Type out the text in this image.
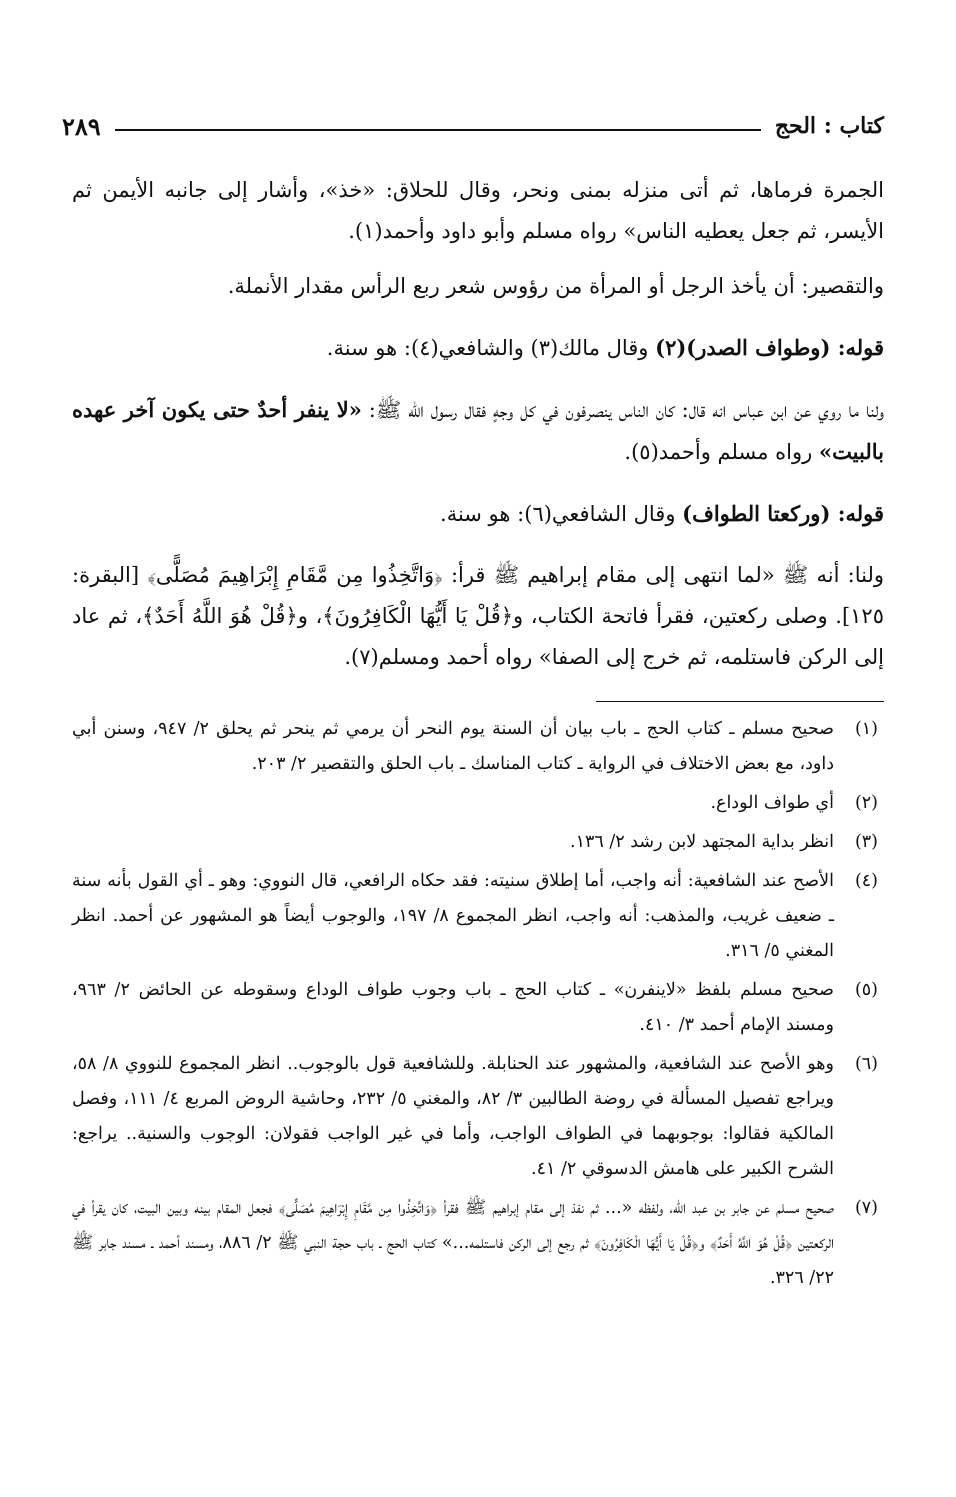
كتاب : الحج
٢٨٩

الجمرة فرماها، ثم أتى منزله بمنى ونحر، وقال للحلاق: «خذ»، وأشار إلى جانبه الأيمن ثم الأيسر، ثم جعل يعطيه الناس» رواه مسلم وأبو داود وأحمد(١).

والتقصير: أن يأخذ الرجل أو المرأة من رؤوس شعر ربع الرأس مقدار الأنملة.

قوله: (وطواف الصدر)(٢) وقال مالك(٣) والشافعي(٤): هو سنة.

ولنا ما روي عن ابن عباس انه قال: كان الناس ينصرفون في كل وجهٍ فقال رسول الله ﷺ: «لا ينفر أحدٌ حتى يكون آخر عهده بالبيت» رواه مسلم وأحمد(٥).

قوله: (وركعتا الطواف) وقال الشافعي(٦): هو سنة.

ولنا: أنه ﷺ «لما انتهى إلى مقام إبراهيم ﷺ قرأ: ﴿وَاتَّخِذُوا مِن مَّقَامِ إِبْرَاهِيمَ مُصَلًّى﴾ [البقرة: ١٢٥]. وصلى ركعتين، فقرأ فاتحة الكتاب، و﴿قُلْ يَا أَيُّهَا الْكَافِرُونَ﴾، و﴿قُلْ هُوَ اللَّهُ أَحَدٌ﴾، ثم عاد إلى الركن فاستلمه، ثم خرج إلى الصفا» رواه أحمد ومسلم(٧).

(١)
صحيح مسلم ـ كتاب الحج ـ باب بيان أن السنة يوم النحر أن يرمي ثم ينحر ثم يحلق ٢/ ٩٤٧، وسنن أبي داود، مع بعض الاختلاف في الرواية ـ كتاب المناسك ـ باب الحلق والتقصير ٢/ ٢٠٣.
(٢)
أي طواف الوداع.
(٣)
انظر بداية المجتهد لابن رشد ٢/ ١٣٦.
(٤)
الأصح عند الشافعية: أنه واجب، أما إطلاق سنيته: فقد حكاه الرافعي، قال النووي: وهو ـ أي القول بأنه سنة ـ ضعيف غريب، والمذهب: أنه واجب، انظر المجموع ٨/ ١٩٧، والوجوب أيضاً هو المشهور عن أحمد. انظر المغني ٥/ ٣١٦.
(٥)
صحيح مسلم بلفظ «لاينفرن» ـ كتاب الحج ـ باب وجوب طواف الوداع وسقوطه عن الحائض ٢/ ٩٦٣، ومسند الإمام أحمد ٣/ ٤١٠.
(٦)
وهو الأصح عند الشافعية، والمشهور عند الحنابلة. وللشافعية قول بالوجوب.. انظر المجموع للنووي ٨/ ٥٨، ويراجع تفصيل المسألة في روضة الطالبين ٣/ ٨٢، والمغني ٥/ ٢٣٢، وحاشية الروض المربع ٤/ ١١١، وفصل المالكية فقالوا: بوجوبهما في الطواف الواجب، وأما في غير الواجب فقولان: الوجوب والسنية.. يراجع: الشرح الكبير على هامش الدسوقي ٢/ ٤١.
(٧)
صحيح مسلم عن جابر بن عبد الله، ولفظه «... ثم نفذ إلى مقام إبراهيم ﷺ فقرأ ﴿وَاتَّخِذُوا مِن مَّقَامِ إِبْرَاهِيمَ مُصَلًّى﴾ فجعل المقام بينه وبين البيت، كان يقرأ في الركعتين ﴿قُلْ هُوَ اللَّهُ أَحَدٌ﴾ و﴿قُلْ يَا أَيُّهَا الْكَافِرُونَ﴾ ثم رجع إلى الركن فاستلمه...» كتاب الحج ـ باب حجة النبي ﷺ ٢/ ٨٨٦، ومسند أحمد ـ مسند جابر ﷺ ٢٢/ ٣٢٦.
